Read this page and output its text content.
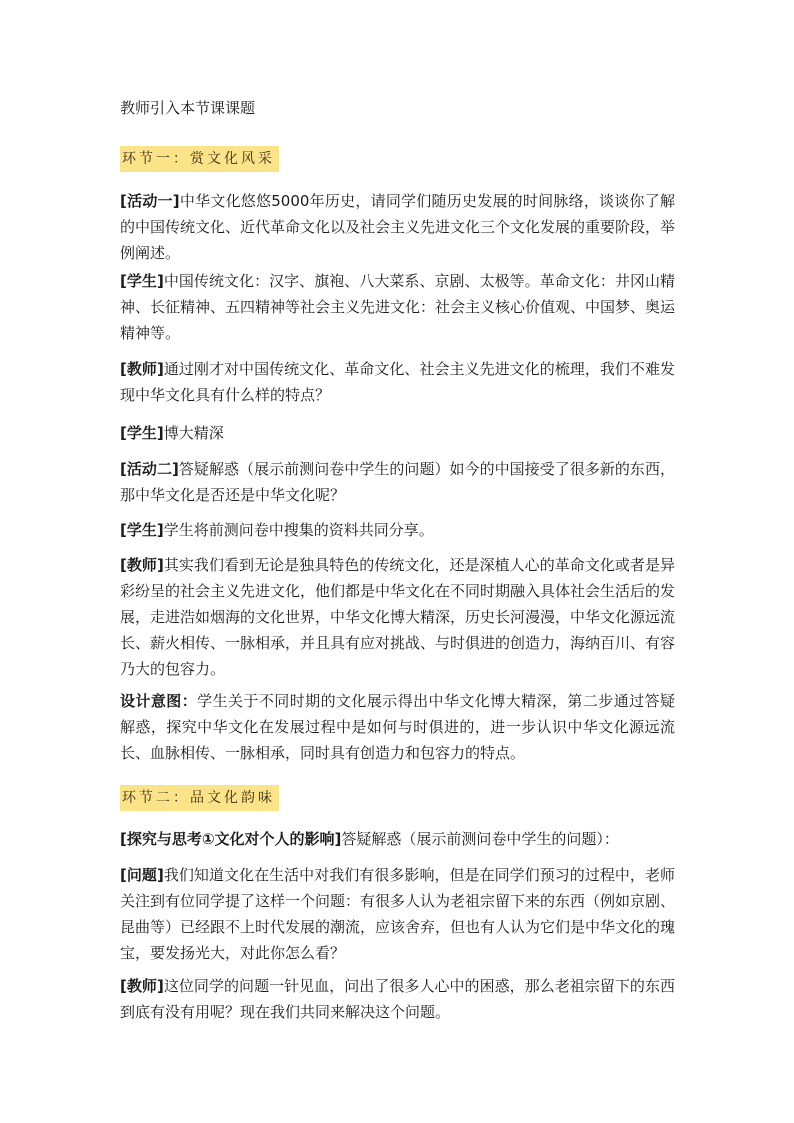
教师引入本节课课题
环节一：赏文化风采
[活动一]中华文化悠悠5000年历史，请同学们随历史发展的时间脉络，谈谈你了解的中国传统文化、近代革命文化以及社会主义先进文化三个文化发展的重要阶段，举例阐述。
[学生]中国传统文化：汉字、旗袍、八大菜系、京剧、太极等。革命文化：井冈山精神、长征精神、五四精神等社会主义先进文化：社会主义核心价值观、中国梦、奥运精神等。
[教师]通过刚才对中国传统文化、革命文化、社会主义先进文化的梳理，我们不难发现中华文化具有什么样的特点？
[学生]博大精深
[活动二]答疑解惑（展示前测问卷中学生的问题）如今的中国接受了很多新的东西，那中华文化是否还是中华文化呢？
[学生]学生将前测问卷中搜集的资料共同分享。
[教师]其实我们看到无论是独具特色的传统文化，还是深植人心的革命文化或者是异彩纷呈的社会主义先进文化，他们都是中华文化在不同时期融入具体社会生活后的发展，走进浩如烟海的文化世界，中华文化博大精深，历史长河漫漫，中华文化源远流长、薪火相传、一脉相承，并且具有应对挑战、与时俱进的创造力，海纳百川、有容乃大的包容力。
设计意图：学生关于不同时期的文化展示得出中华文化博大精深，第二步通过答疑解惑，探究中华文化在发展过程中是如何与时俱进的，进一步认识中华文化源远流长、血脉相传、一脉相承，同时具有创造力和包容力的特点。
环节二：品文化韵味
[探究与思考①文化对个人的影响]答疑解惑（展示前测问卷中学生的问题）：
[问题]我们知道文化在生活中对我们有很多影响，但是在同学们预习的过程中，老师关注到有位同学提了这样一个问题：有很多人认为老祖宗留下来的东西（例如京剧、昆曲等）已经跟不上时代发展的潮流，应该舍弃，但也有人认为它们是中华文化的瑰宝，要发扬光大，对此你怎么看？
[教师]这位同学的问题一针见血，问出了很多人心中的困惑，那么老祖宗留下的东西到底有没有用呢？现在我们共同来解决这个问题。
